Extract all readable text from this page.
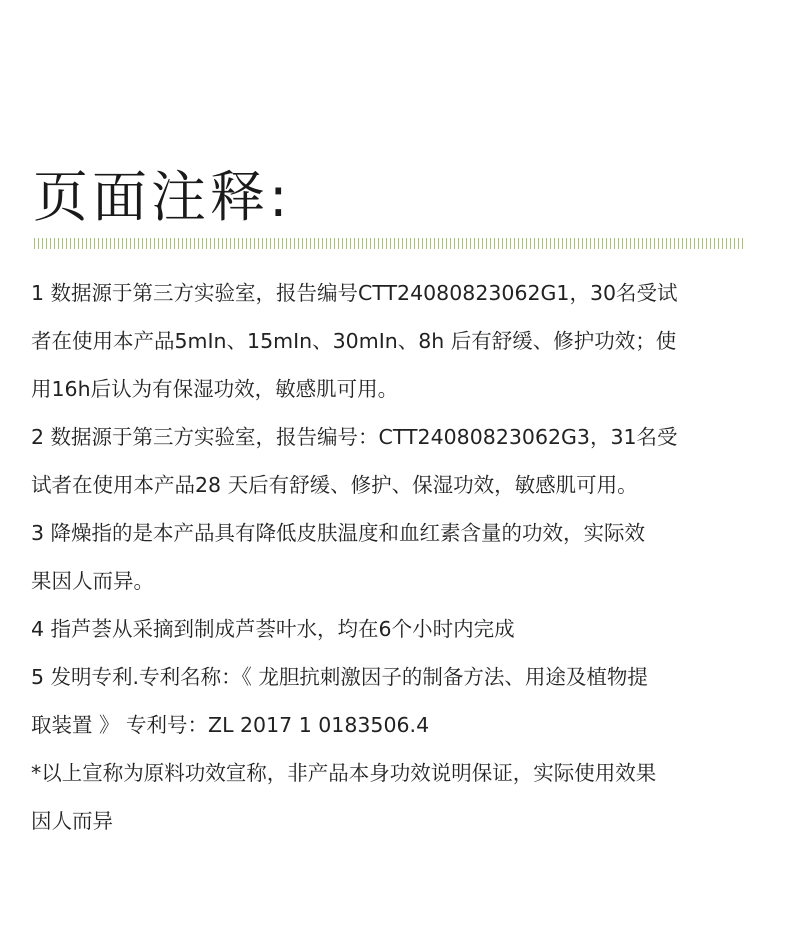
页面注释:

1 数据源于第三方实验室，报告编号CTT24080823062G1，30名受试
者在使用本产品5mIn、15mIn、30mIn、8h 后有舒缓、修护功效；使
用16h后认为有保湿功效，敏感肌可用。

2 数据源于第三方实验室，报告编号：CTT24080823062G3，31名受
试者在使用本产品28 天后有舒缓、修护、保湿功效，敏感肌可用。

3 降燥指的是本产品具有降低皮肤温度和血红素含量的功效，实际效
果因人而异。

4 指芦荟从采摘到制成芦荟叶水，均在6个小时内完成

5 发明专利.专利名称：《 龙胆抗刺激因子的制备方法、用途及植物提
取装置 》 专利号：ZL 2017 1 0183506.4

*以上宣称为原料功效宣称，非产品本身功效说明保证，实际使用效果
因人而异
